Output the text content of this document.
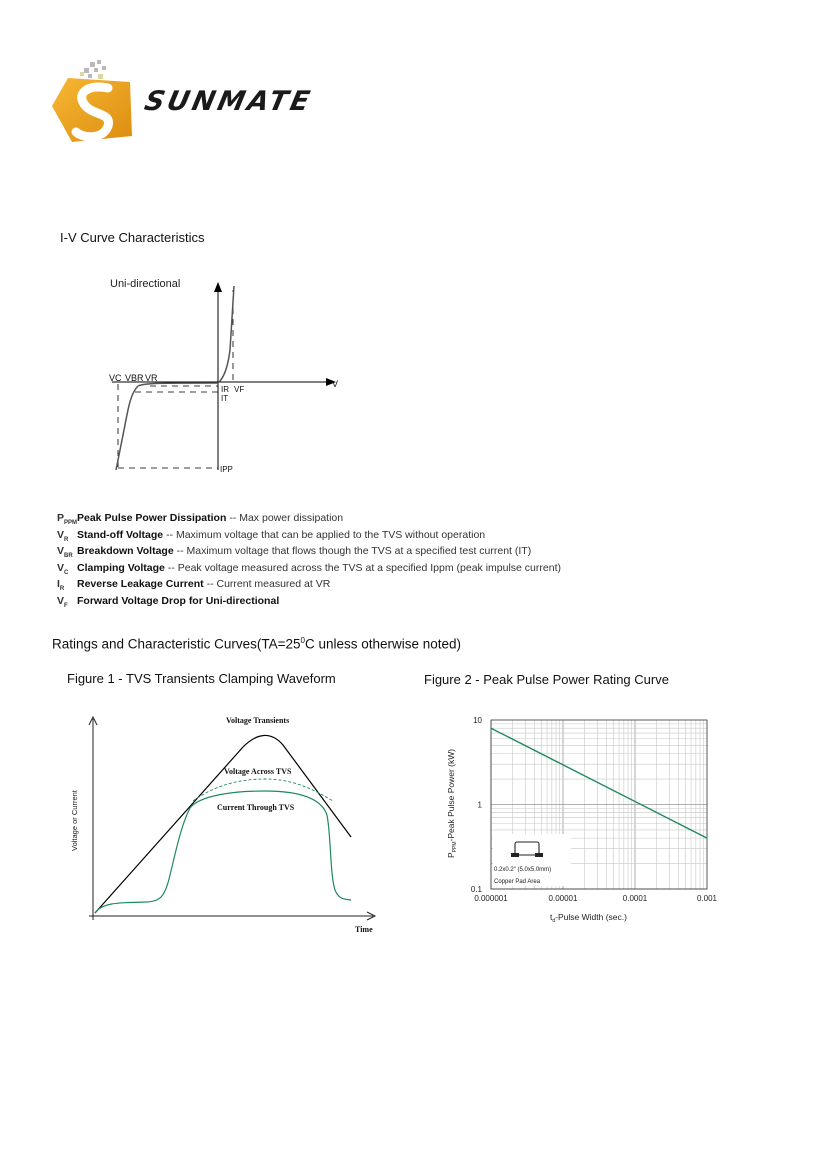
SUNMATE
I-V Curve Characteristics
Uni-directional
V
VC VBR VR
IR VF
IT
IPP
$P_{PPM}Peak$ Pulse Power Dissipation -- Max power dissipation
$V_R$ Stand-off Voltage -- Maximum voltage that can be applied to the TVS without operation
$V_{BR}$ Breakdown Voltage -- Maximum voltage that flows though the TVS at a specified test current (IT)
$V_C$ Clamping Voltage -- Peak voltage measured across the TVS at a specified Ippm (peak impulse current)
$I_R$ Reverse Leakage Current -- Current measured at VR
$V_F$ Forward Voltage Drop for Uni-directional
Ratings and Characteristic $Curves(TA=25^0C$ unless otherwise noted)
Figure 1 - TVS Transients Clamping Waveform	Figure 2 - Peak Pulse Power Rating Curve
Voltage or Current
Time
Voltage Transients
Voltage Across TVS
Current Through TVS
0.000001	0.00001	0.0001	0.001
0.1
1
10
0.2x0.2" (5.0x5.0mm)
Copper Pad Area
$P_{PPM}$-Peak Pulse Power (kW)
$t_d$-Pulse Width (sec.)
